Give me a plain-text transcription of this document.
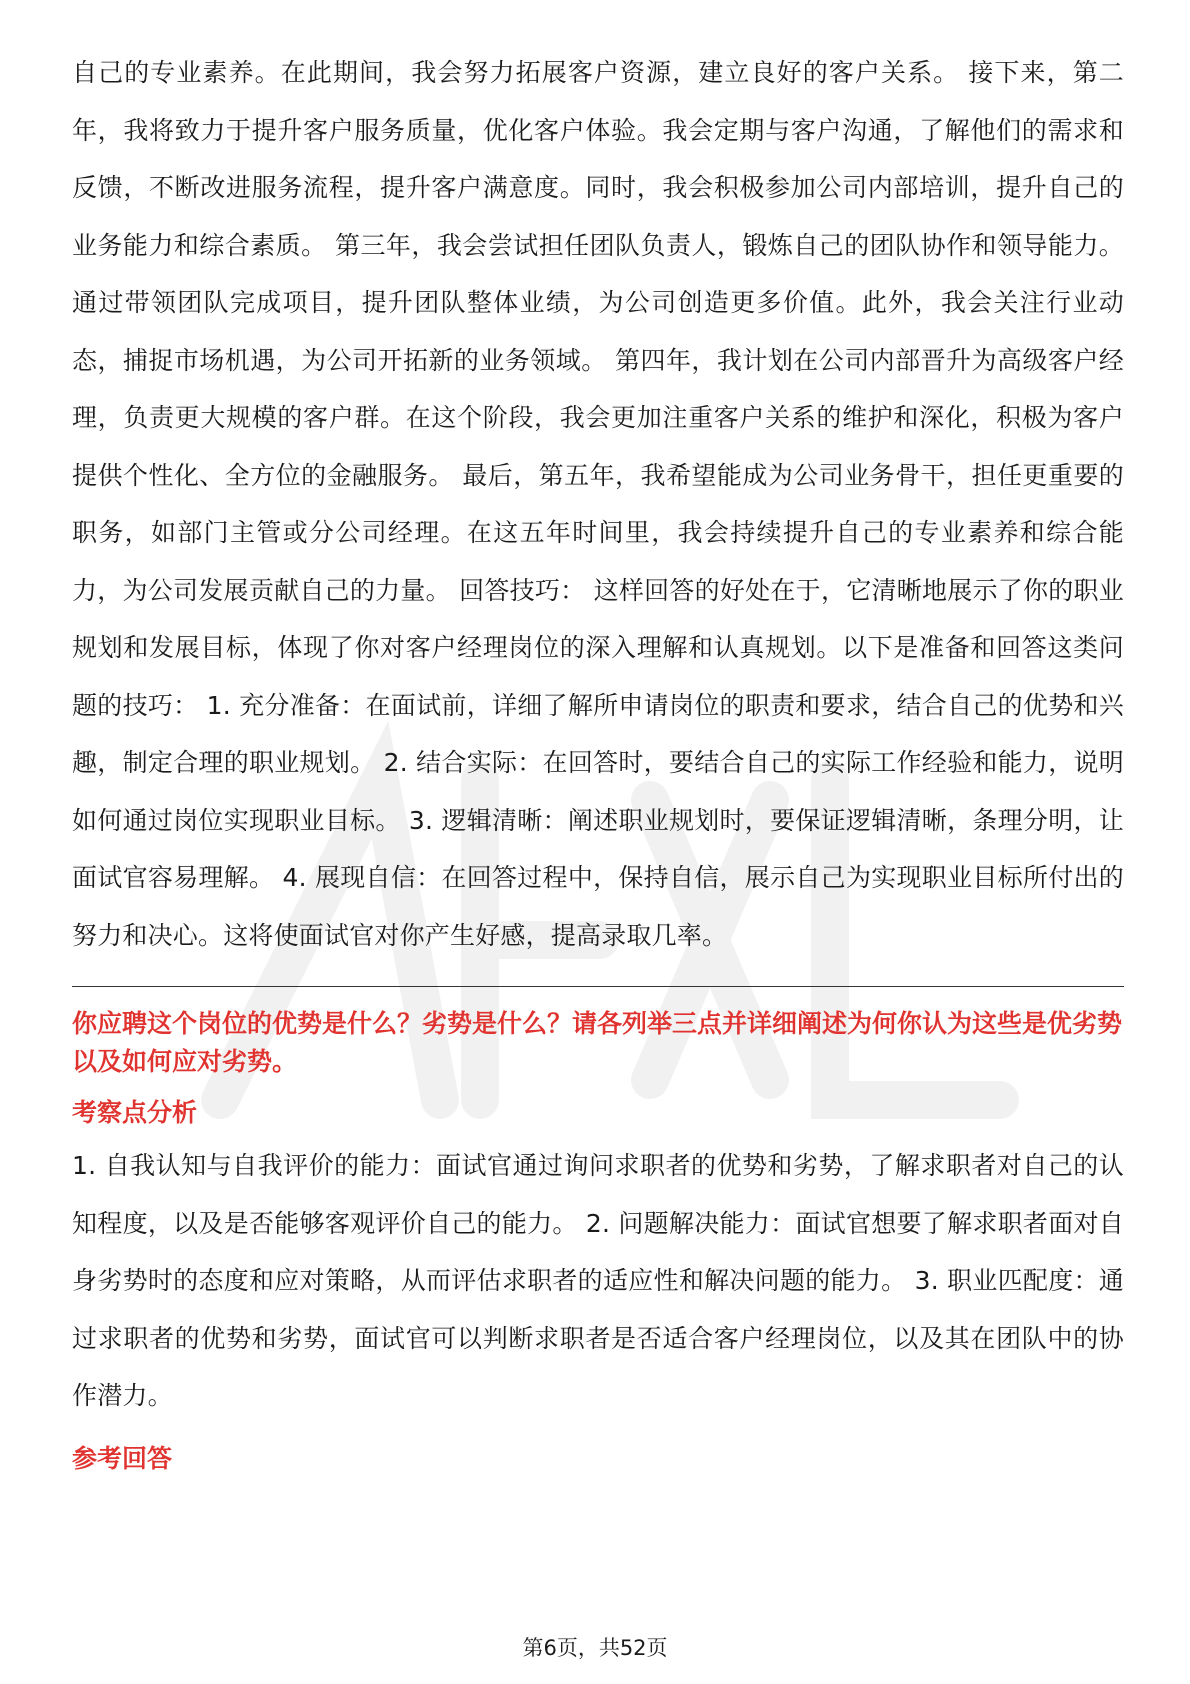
自己的专业素养。在此期间，我会努力拓展客户资源，建立良好的客户关系。 接下来，第二年，我将致力于提升客户服务质量，优化客户体验。我会定期与客户沟通，了解他们的需求和反馈，不断改进服务流程，提升客户满意度。同时，我会积极参加公司内部培训，提升自己的业务能力和综合素质。 第三年，我会尝试担任团队负责人，锻炼自己的团队协作和领导能力。通过带领团队完成项目，提升团队整体业绩，为公司创造更多价值。此外，我会关注行业动态，捕捉市场机遇，为公司开拓新的业务领域。 第四年，我计划在公司内部晋升为高级客户经理，负责更大规模的客户群。在这个阶段，我会更加注重客户关系的维护和深化，积极为客户提供个性化、全方位的金融服务。 最后，第五年，我希望能成为公司业务骨干，担任更重要的职务，如部门主管或分公司经理。在这五年时间里，我会持续提升自己的专业素养和综合能力，为公司发展贡献自己的力量。 回答技巧： 这样回答的好处在于，它清晰地展示了你的职业规划和发展目标，体现了你对客户经理岗位的深入理解和认真规划。以下是准备和回答这类问题的技巧： 1. 充分准备：在面试前，详细了解所申请岗位的职责和要求，结合自己的优势和兴趣，制定合理的职业规划。 2. 结合实际：在回答时，要结合自己的实际工作经验和能力，说明如何通过岗位实现职业目标。 3. 逻辑清晰：阐述职业规划时，要保证逻辑清晰，条理分明，让面试官容易理解。 4. 展现自信：在回答过程中，保持自信，展示自己为实现职业目标所付出的努力和决心。这将使面试官对你产生好感，提高录取几率。

你应聘这个岗位的优势是什么？劣势是什么？请各列举三点并详细阐述为何你认为这些是优劣势以及如何应对劣势。
考察点分析

1. 自我认知与自我评价的能力：面试官通过询问求职者的优势和劣势，了解求职者对自己的认知程度，以及是否能够客观评价自己的能力。 2. 问题解决能力：面试官想要了解求职者面对自身劣势时的态度和应对策略，从而评估求职者的适应性和解决问题的能力。 3. 职业匹配度：通过求职者的优势和劣势，面试官可以判断求职者是否适合客户经理岗位，以及其在团队中的协作潜力。

参考回答
第6页，共52页
